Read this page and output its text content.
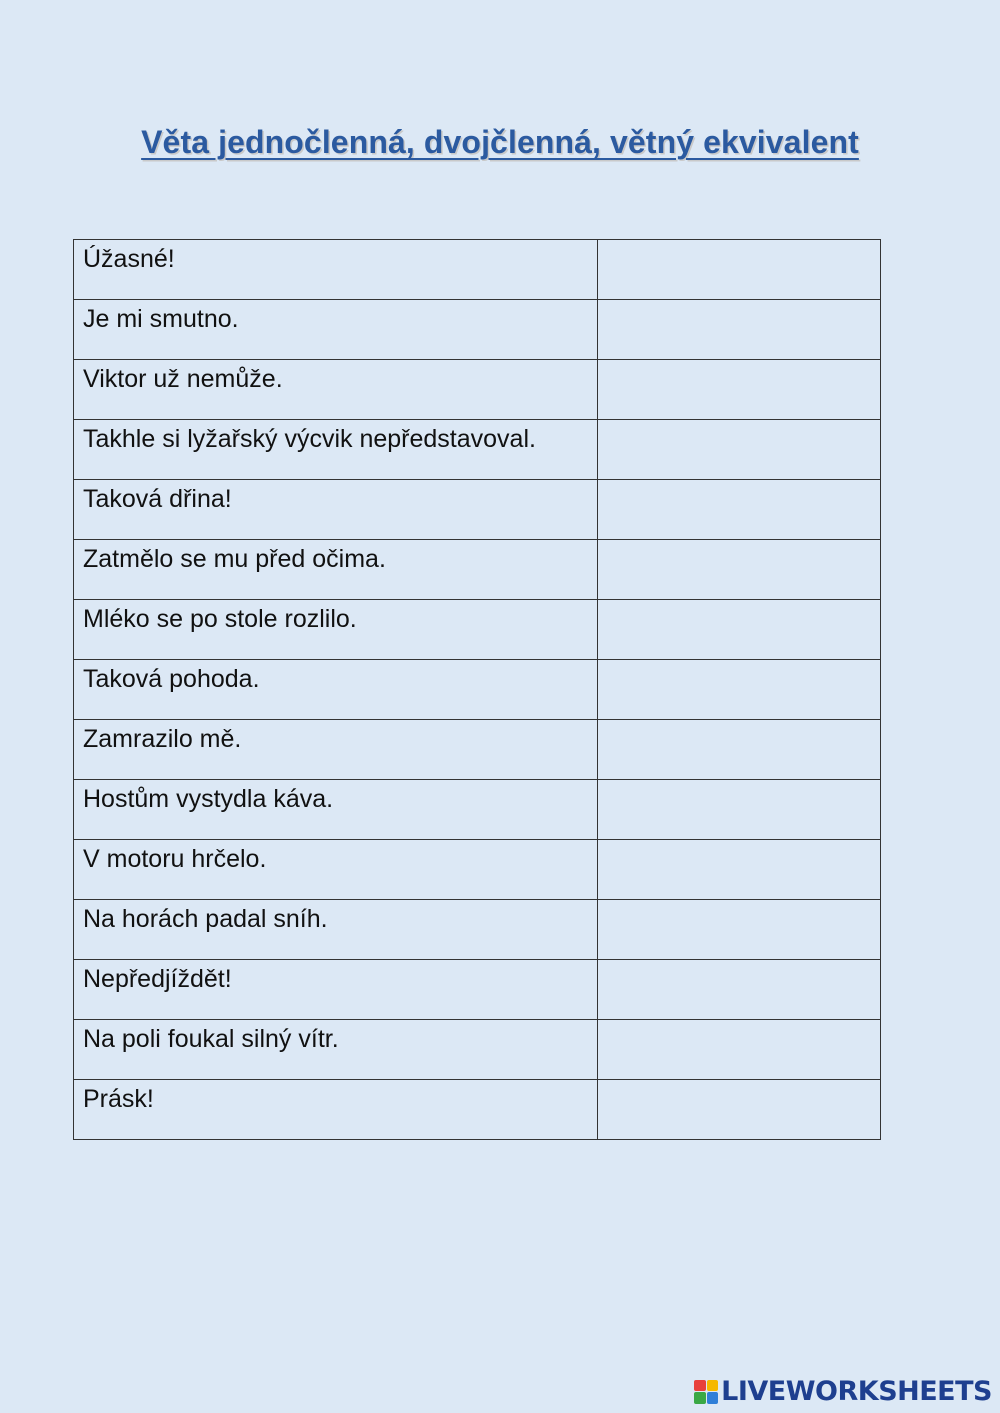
Věta jednočlenná, dvojčlenná, větný ekvivalent
Úžasné!	
Je mi smutno.	
Viktor už nemůže.	
Takhle si lyžařský výcvik nepředstavoval.	
Taková dřina!	
Zatmělo se mu před očima.	
Mléko se po stole rozlilo.	
Taková pohoda.	
Zamrazilo mě.	
Hostům vystydla káva.	
V motoru hrčelo.	
Na horách padal sníh.	
Nepředjíždět!	
Na poli foukal silný vítr.	
Prásk!	
LIVEWORKSHEETS
